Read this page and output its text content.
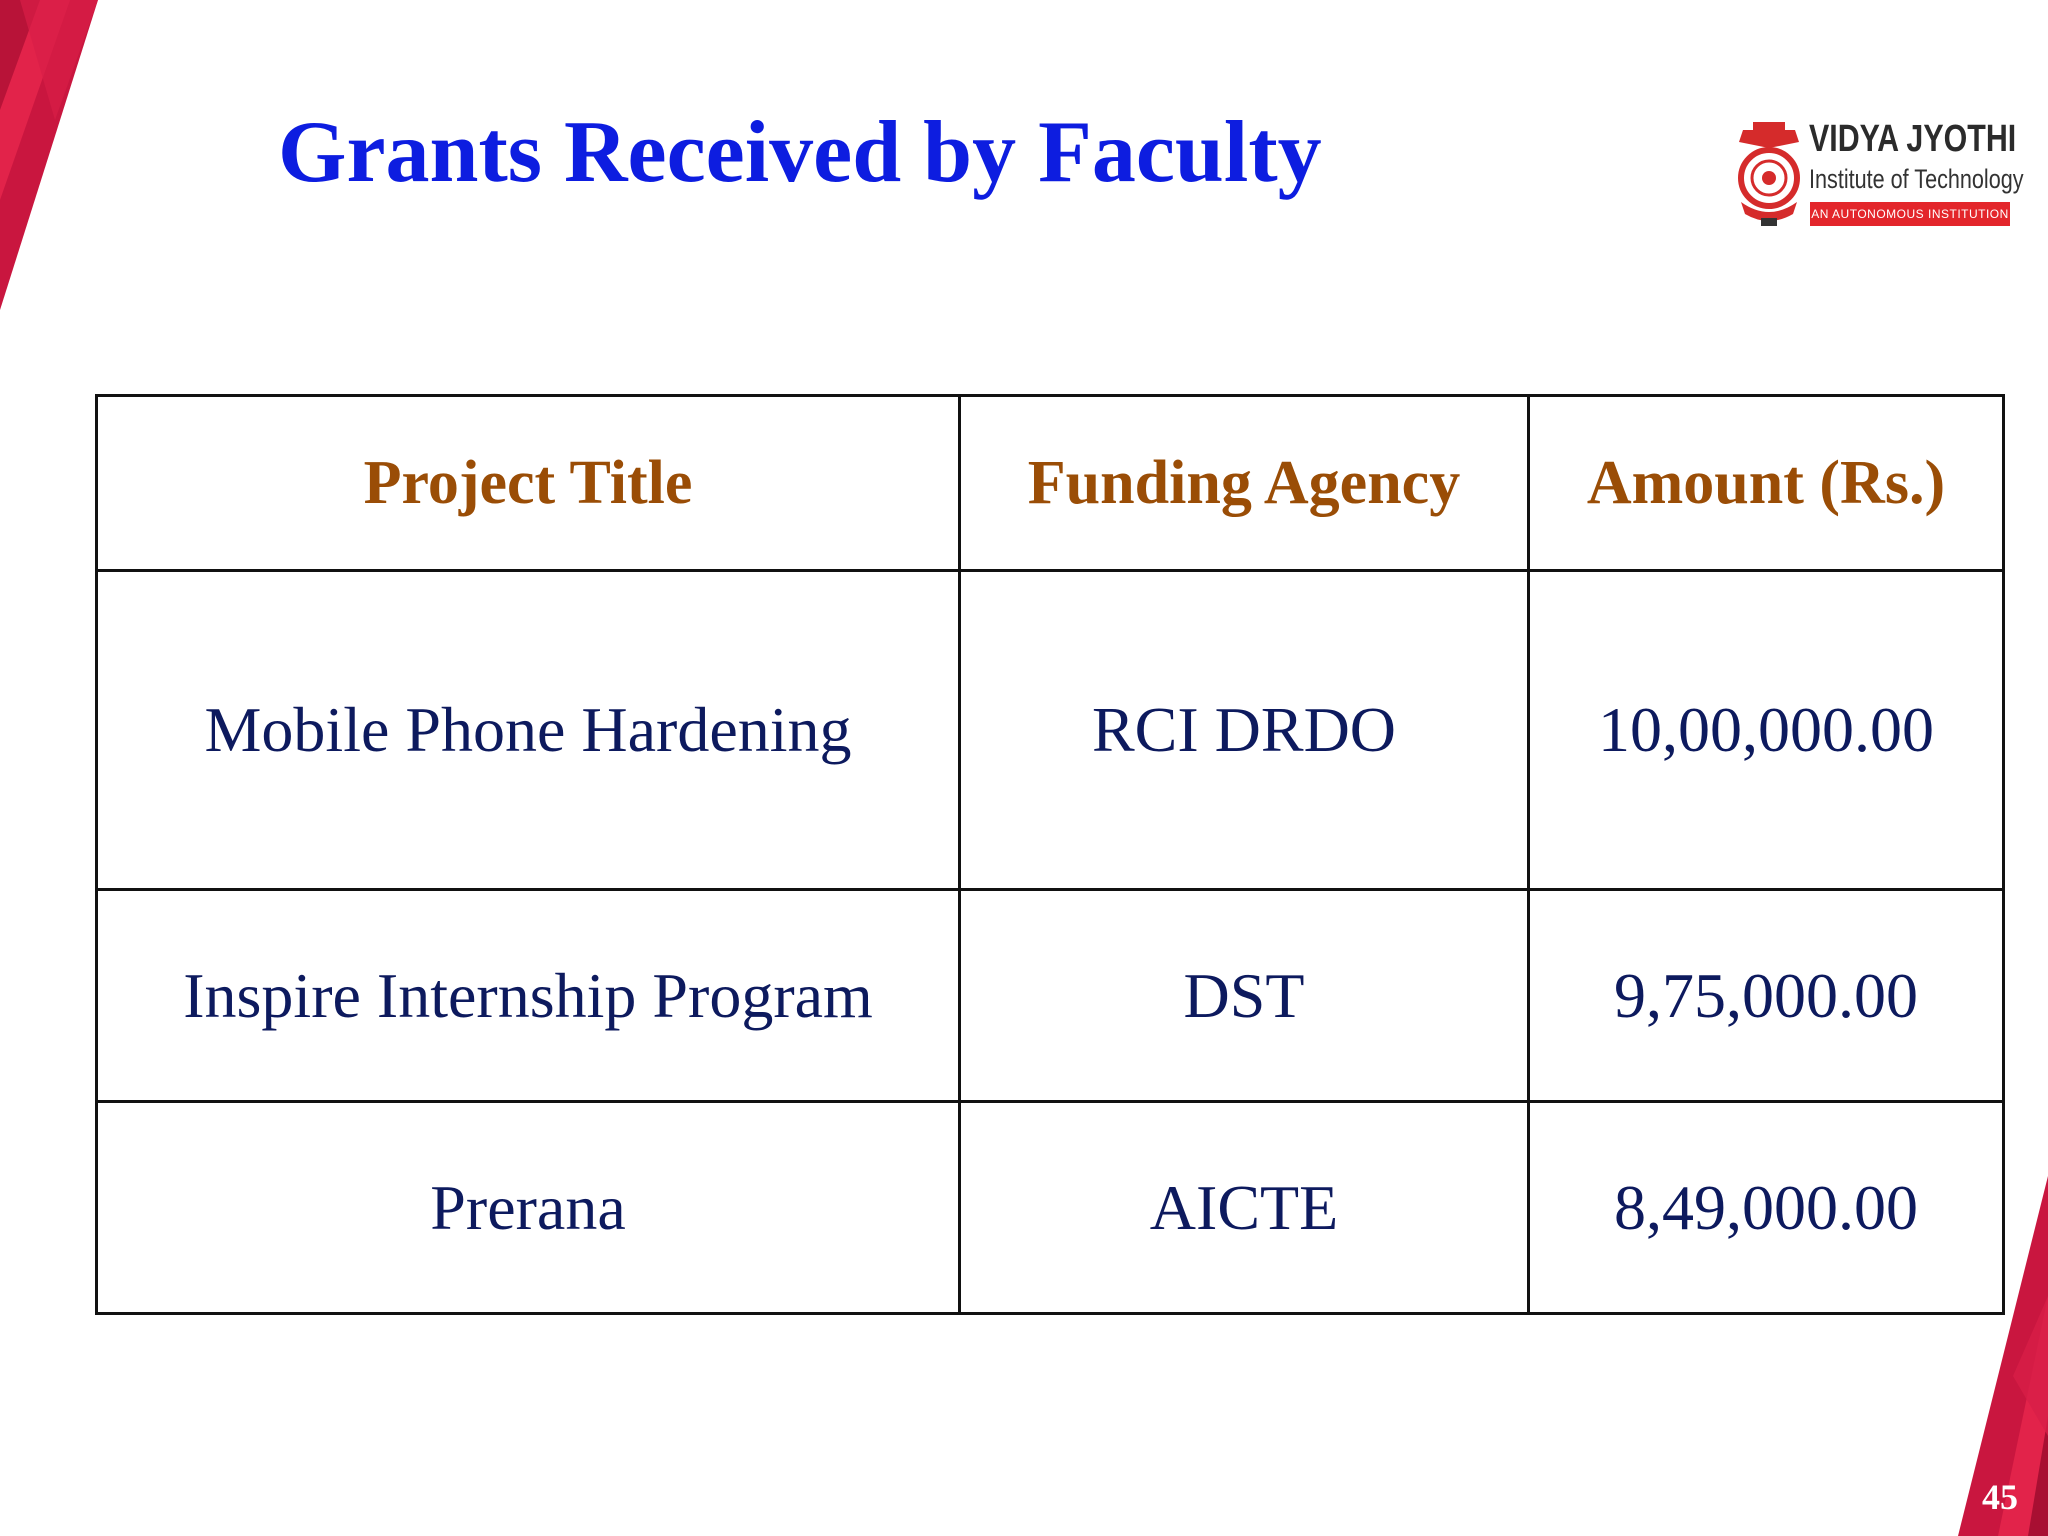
Grants Received by Faculty	VIDYA JYOTHI
Institute of Technology
AN AUTONOMOUS INSTITUTION
Project Title	Funding Agency	Amount (Rs.)
Mobile Phone Hardening	RCI DRDO	10,00,000.00
Inspire Internship Program	DST	9,75,000.00
Prerana	AICTE	8,49,000.00
45
